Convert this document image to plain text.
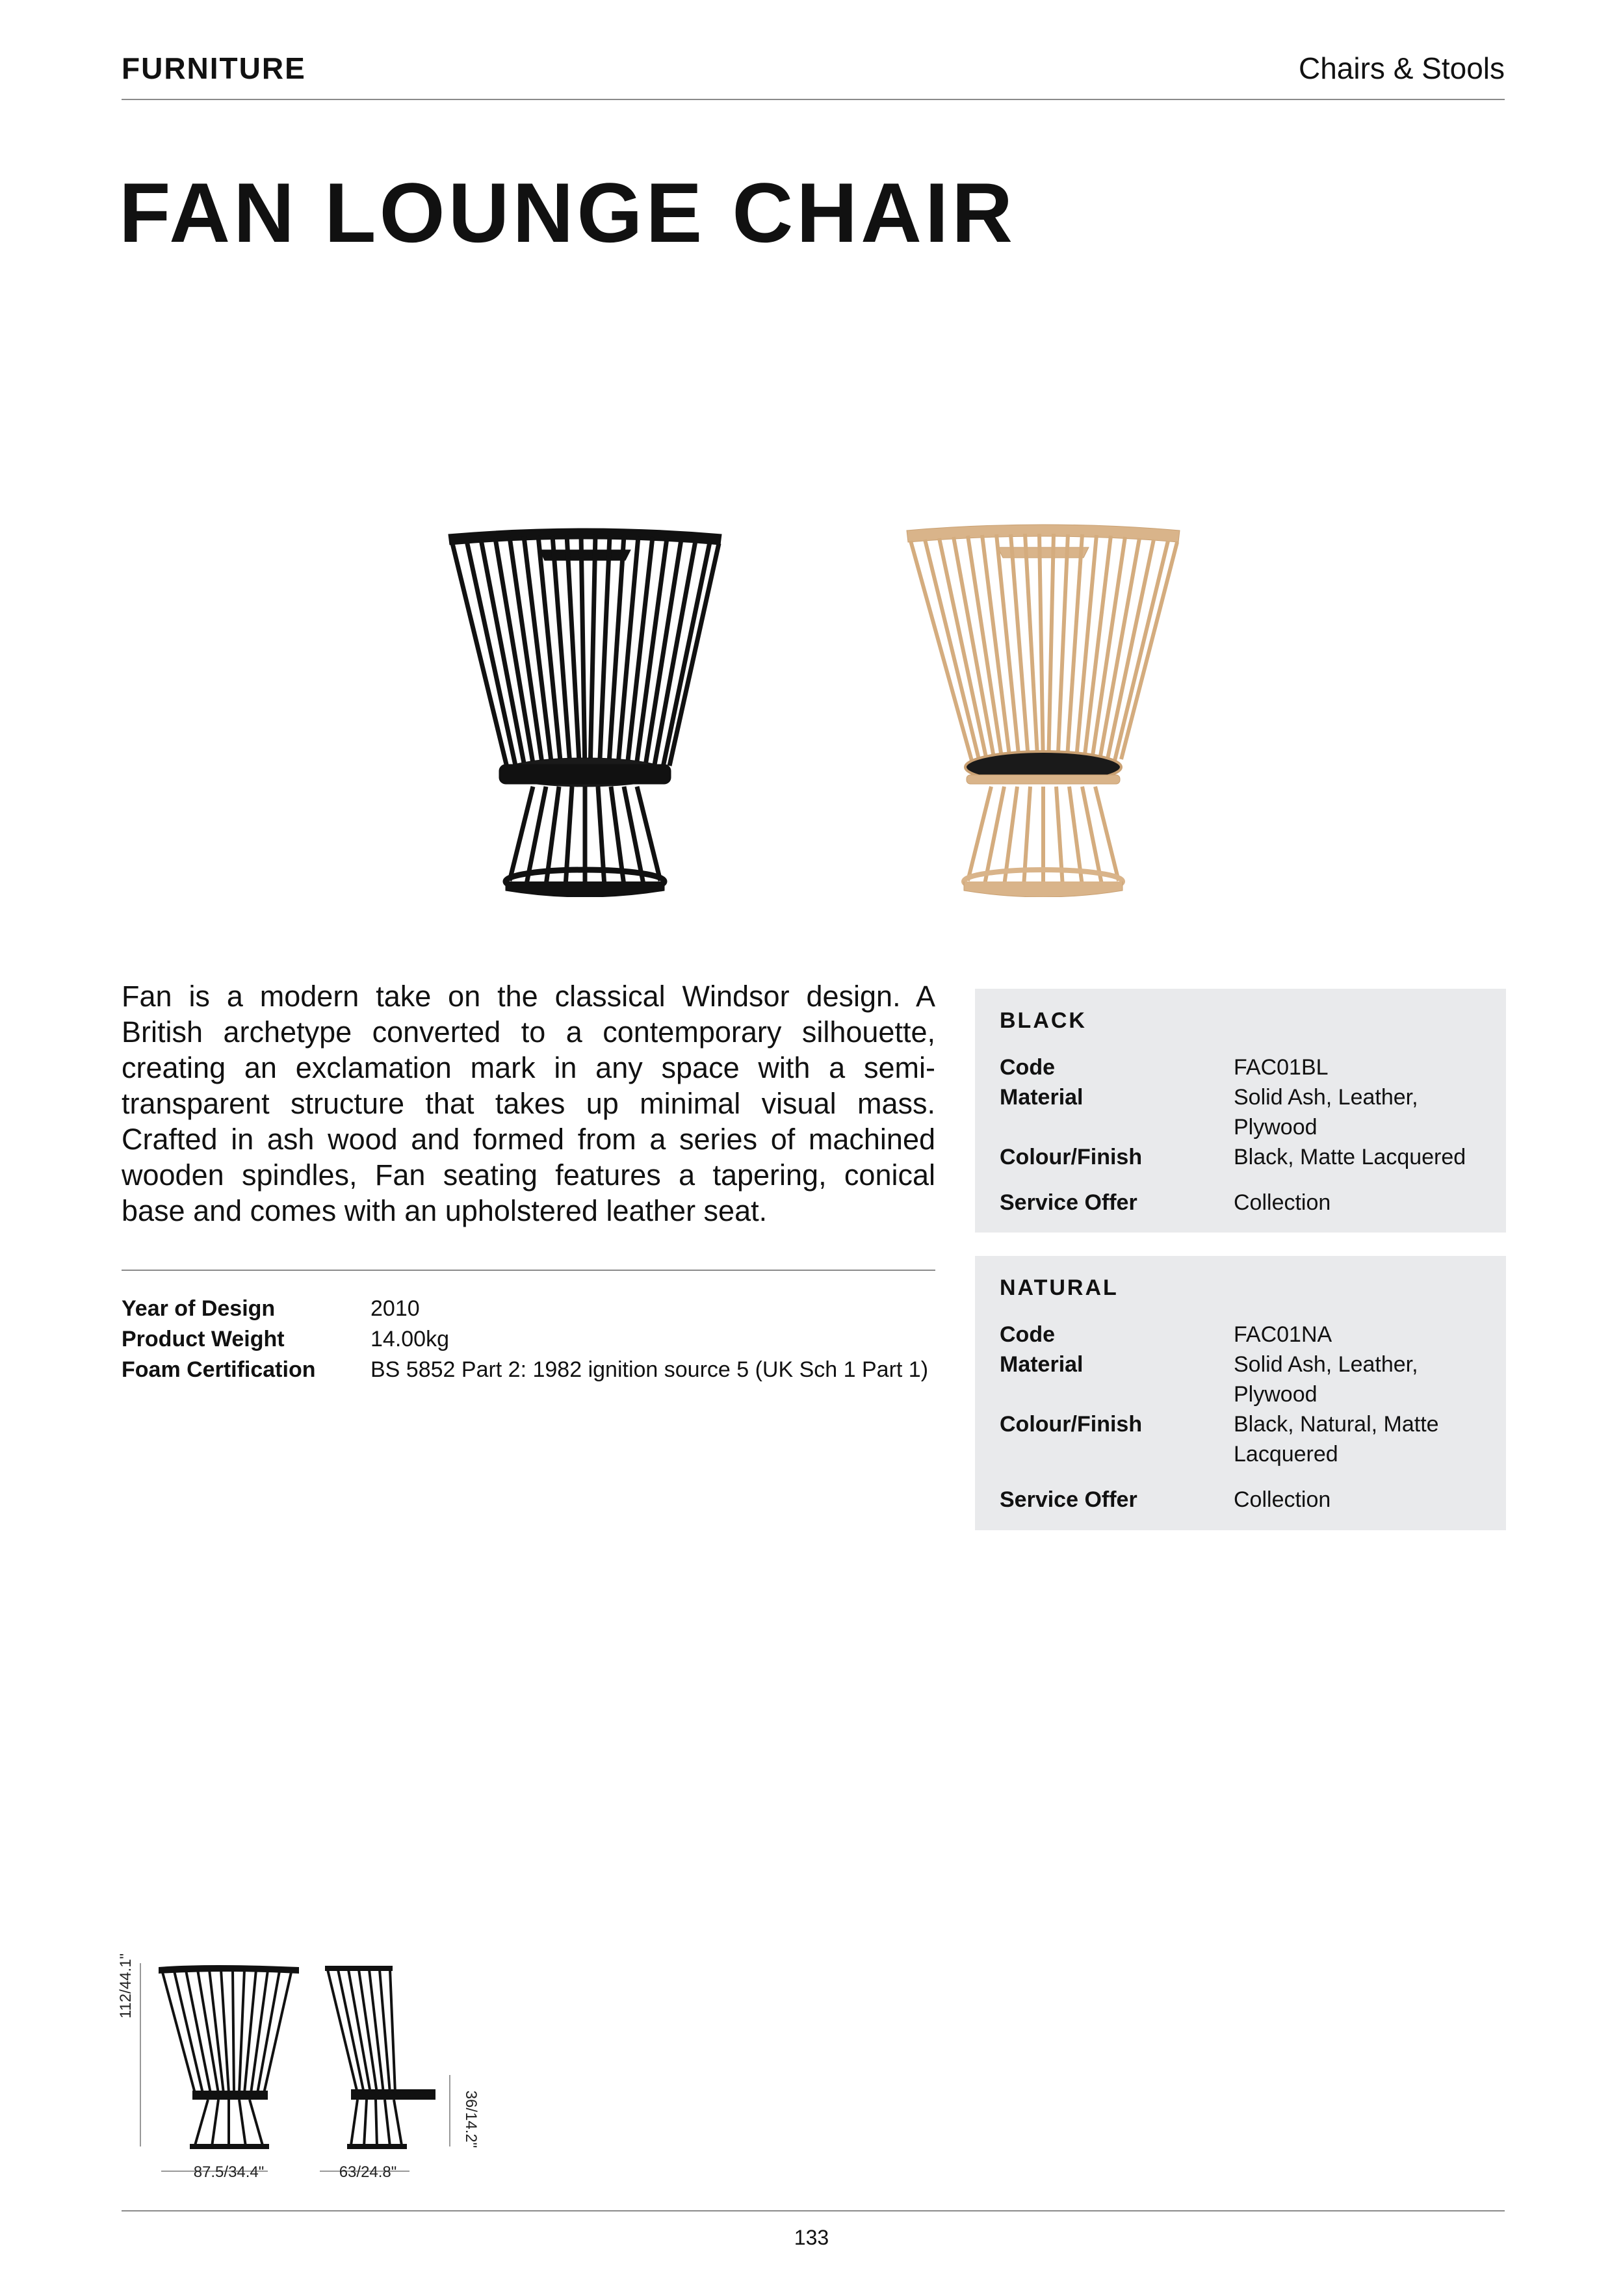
FURNITURE	Chairs & Stools
FAN LOUNGE CHAIR
Fan is a modern take on the classical Windsor design. A British archetype converted to a contemporary silhouette, creating an exclamation mark in any space with a semi-transparent structure that takes up minimal visual mass. Crafted in ash wood and formed from a series of machined wooden spindles, Fan seating features a tapering, conical base and comes with an upholstered leather seat.
Year of Design	2010
Product Weight	14.00kg
Foam Certification	BS 5852 Part 2: 1982 ignition source 5 (UK Sch 1 Part 1)
BLACK
Code	FAC01BL
Material	Solid Ash, Leather, Plywood
Colour/Finish	Black, Matte Lacquered
Service Offer	Collection
NATURAL
Code	FAC01NA
Material	Solid Ash, Leather, Plywood
Colour/Finish	Black, Natural, Matte Lacquered
Service Offer	Collection
112/44.1"
87.5/34.4"	63/24.8"
36/14.2"
133
